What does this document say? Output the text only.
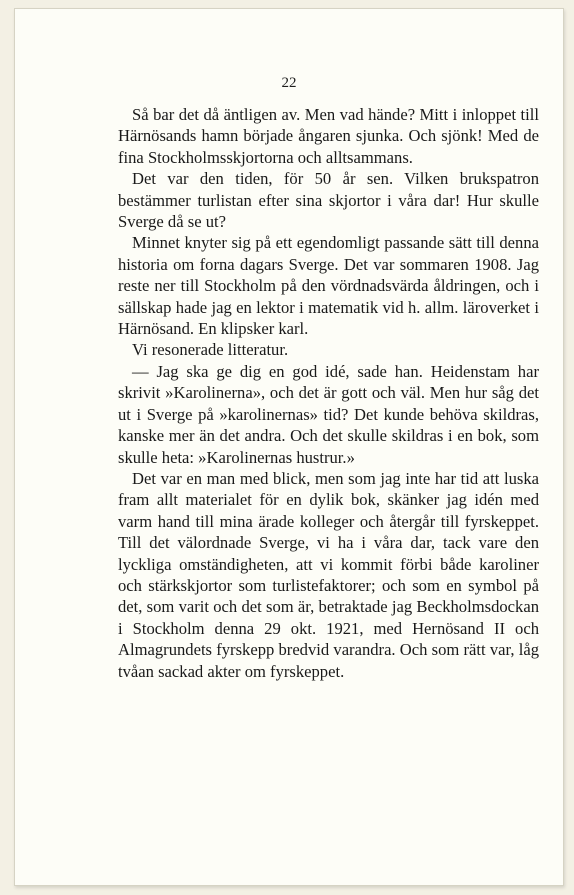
22

Så bar det då äntligen av. Men vad hände? Mitt i inloppet till Härnösands hamn började ångaren sjunka. Och sjönk! Med de fina Stockholmsskjortorna och alltsammans.

Det var den tiden, för 50 år sen. Vilken brukspatron bestämmer turlistan efter sina skjortor i våra dar! Hur skulle Sverge då se ut?

Minnet knyter sig på ett egendomligt passande sätt till denna historia om forna dagars Sverge. Det var sommaren 1908. Jag reste ner till Stockholm på den vördnadsvärda åldringen, och i sällskap hade jag en lektor i matematik vid h. allm. läroverket i Härnösand. En klipsker karl.

Vi resonerade litteratur.

— Jag ska ge dig en god idé, sade han. Heidenstam har skrivit »Karolinerna», och det är gott och väl. Men hur såg det ut i Sverge på »karolinernas» tid? Det kunde behöva skildras, kanske mer än det andra. Och det skulle skildras i en bok, som skulle heta: »Karolinernas hustrur.»

Det var en man med blick, men som jag inte har tid att luska fram allt materialet för en dylik bok, skänker jag idén med varm hand till mina ärade kolleger och återgår till fyrskeppet. Till det välordnade Sverge, vi ha i våra dar, tack vare den lyckliga omständigheten, att vi kommit förbi både karoliner och stärkskjortor som turlistefaktorer; och som en symbol på det, som varit och det som är, betraktade jag Beckholmsdockan i Stockholm denna 29 okt. 1921, med Hernösand II och Almagrundets fyrskepp bredvid varandra. Och som rätt var, låg tvåan sackad akter om fyrskeppet.
